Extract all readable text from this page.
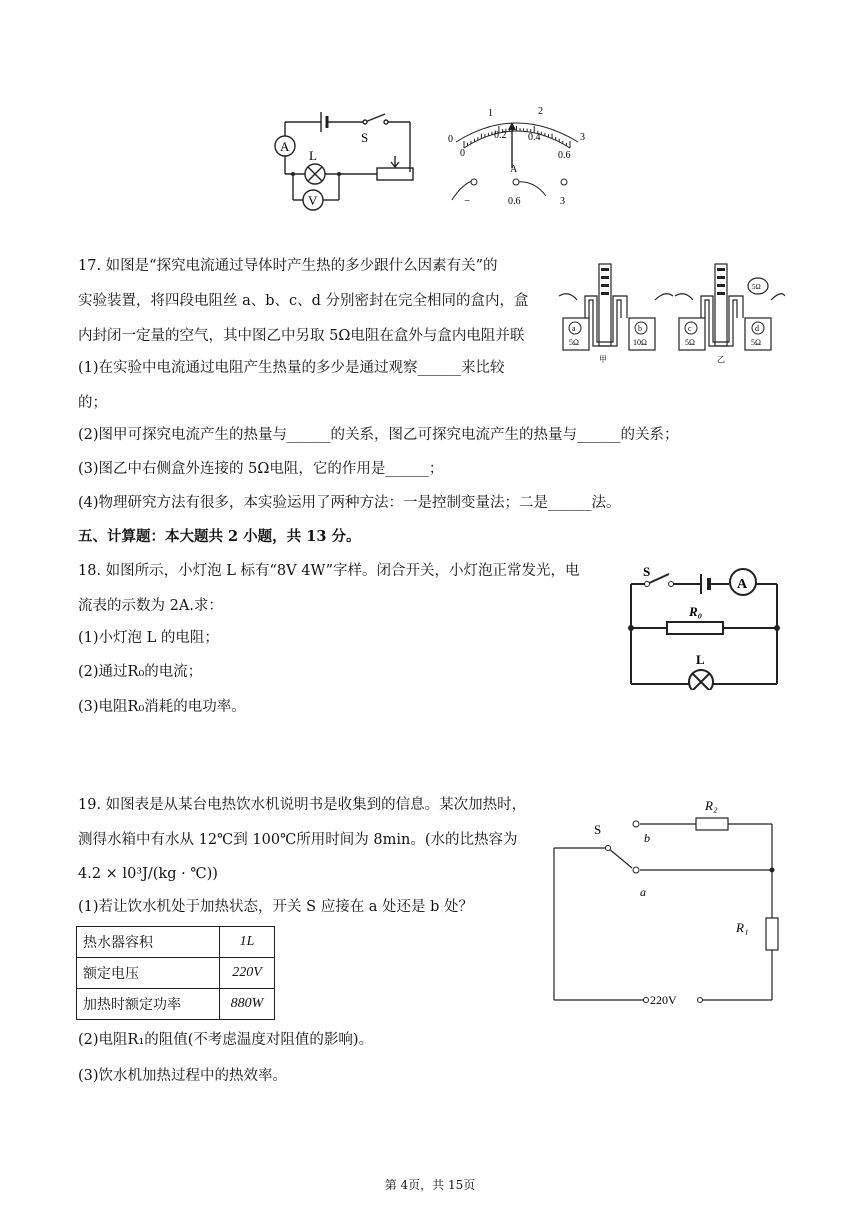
A
L
S
V
0
1	2
3
0
0.2 0.4
0.6
A
−	0.6	3
17. 如图是“探究电流通过导体时产生热的多少跟什么因素有关”的
实验装置，将四段电阻丝 a、b、c、d 分别密封在完全相同的盒内，盒
内封闭一定量的空气，其中图乙中另取 5Ω电阻在盒外与盒内电阻并联
(1)在实验中电流通过电阻产生热量的多少是通过观察______来比较
的；
(2)图甲可探究电流产生的热量与______的关系，图乙可探究电流产生的热量与______的关系；
(3)图乙中右侧盒外连接的 5Ω电阻，它的作用是______；
(4)物理研究方法有很多，本实验运用了两种方法：一是控制变量法；二是______法。
a	b	c	d
5Ω	10Ω	5Ω	5Ω
5Ω
甲	乙
五、计算题：本大题共 2 小题，共 13 分。
18. 如图所示，小灯泡 L 标有“8V 4W”字样。闭合开关，小灯泡正常发光，电
流表的示数为 2A.求：
(1)小灯泡 L 的电阻；
(2)通过R₀的电流；
(3)电阻R₀消耗的电功率。
S
A
R₀
L
19. 如图表是从某台电热饮水机说明书是收集到的信息。某次加热时，
测得水箱中有水从 12℃到 100℃所用时间为 8min。(水的比热容为
4.2 × l0³J/(kg · ℃))
(1)若让饮水机处于加热状态，开关 S 应接在 a 处还是 b 处？
热水器容积	1L
额定电压	220V
加热时额定功率	880W
(2)电阻R₁的阻值(不考虑温度对阻值的影响)。
(3)饮水机加热过程中的热效率。
S
b
a
R₂
R₁
220V
第 4页，共 15页
